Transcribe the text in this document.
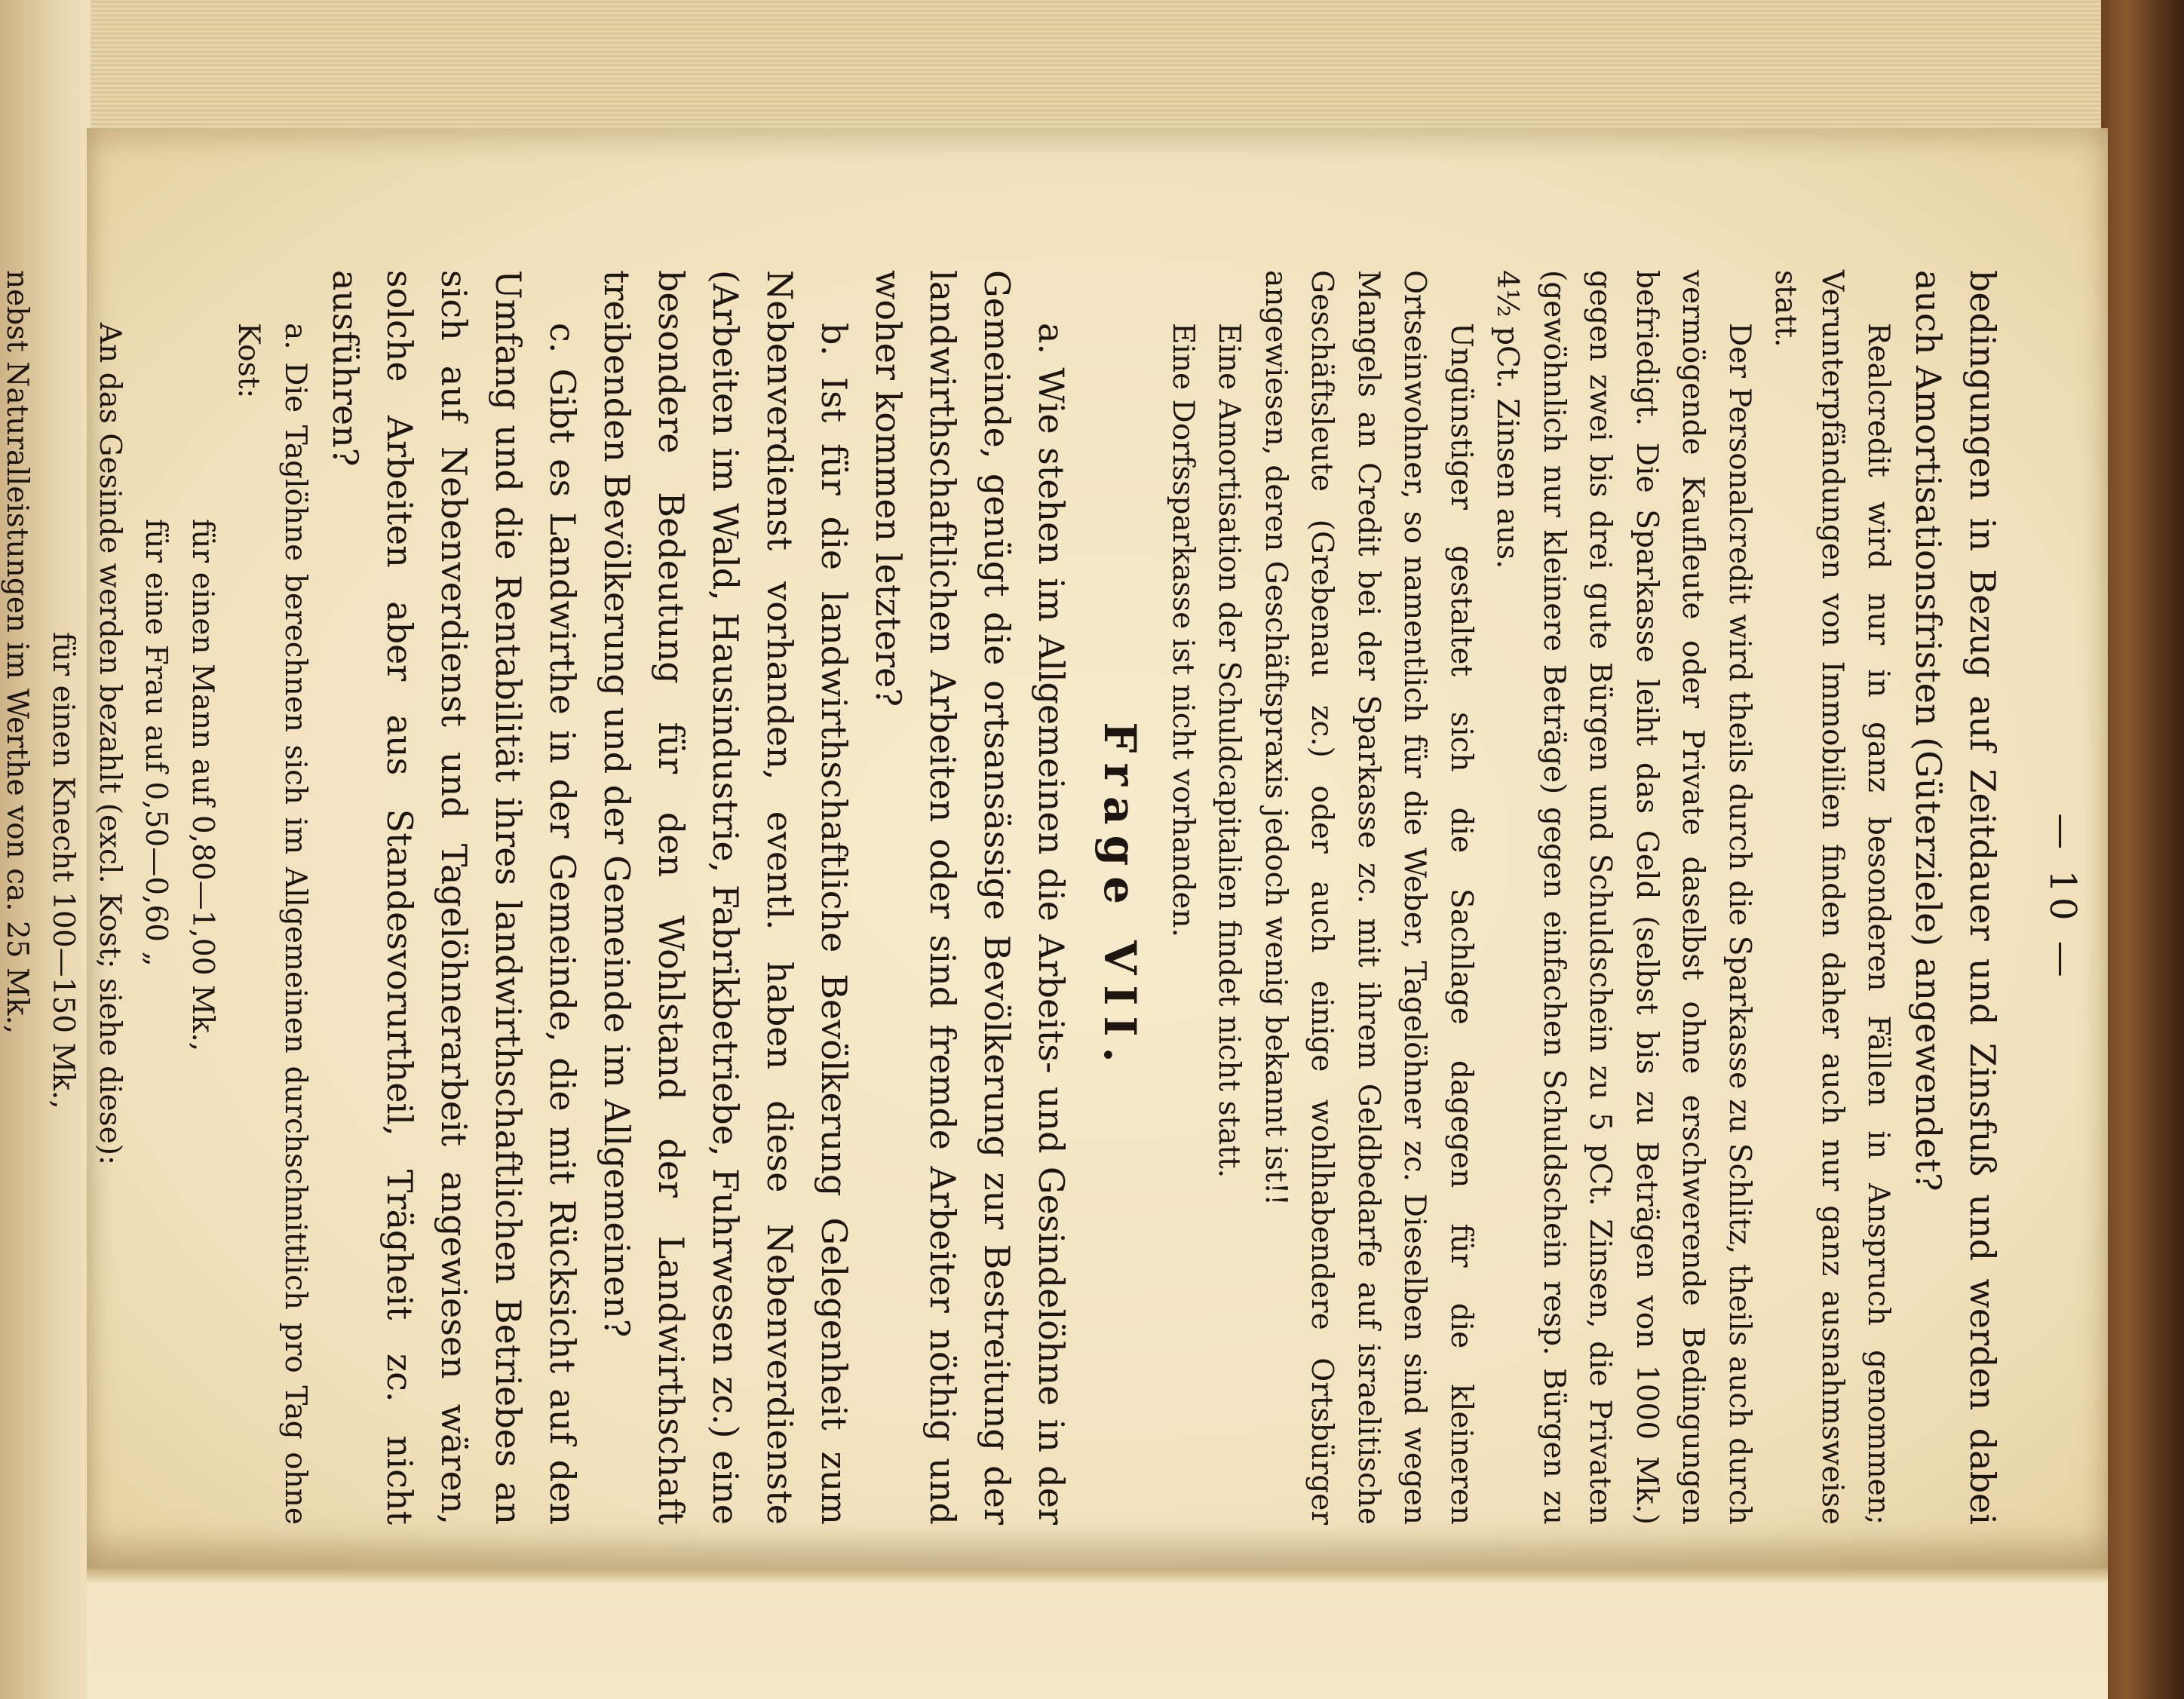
— 10 —

bedingungen in Bezug auf Zeitdauer und Zinsfuß und werden dabei auch Amortisationsfristen (Güterziele) angewendet?

Realcredit wird nur in ganz besonderen Fällen in Anspruch genommen; Verunterpfändungen von Immobilien finden daher auch nur ganz ausnahmsweise statt.

Der Personalcredit wird theils durch die Sparkasse zu Schlitz, theils auch durch vermögende Kaufleute oder Private daselbst ohne erschwerende Bedingungen befriedigt. Die Sparkasse leiht das Geld (selbst bis zu Beträgen von 1000 Mk.) gegen zwei bis drei gute Bürgen und Schuldschein zu 5 pCt. Zinsen, die Privaten (gewöhnlich nur kleinere Beträge) gegen einfachen Schuldschein resp. Bürgen zu 4½ pCt. Zinsen aus.

Ungünstiger gestaltet sich die Sachlage dagegen für die kleineren Ortseinwohner, so namentlich für die Weber, Tagelöhner zc. Dieselben sind wegen Mangels an Credit bei der Sparkasse zc. mit ihrem Geldbedarfe auf israelitische Geschäftsleute (Grebenau zc.) oder auch einige wohlhabendere Ortsbürger angewiesen, deren Geschäftspraxis jedoch wenig bekannt ist!!

Eine Amortisation der Schuldcapitalien findet nicht statt.

Eine Dorfssparkasse ist nicht vorhanden.

Frage VII.

a. Wie stehen im Allgemeinen die Arbeits- und Gesindelöhne in der Gemeinde, genügt die ortsansässige Bevölkerung zur Bestreitung der landwirthschaftlichen Arbeiten oder sind fremde Arbeiter nöthig und woher kommen letztere?

b. Ist für die landwirthschaftliche Bevölkerung Gelegenheit zum Nebenverdienst vorhanden, eventl. haben diese Nebenverdienste (Arbeiten im Wald, Hausindustrie, Fabrikbetriebe, Fuhrwesen zc.) eine besondere Bedeutung für den Wohlstand der Landwirthschaft treibenden Bevölkerung und der Gemeinde im Allgemeinen?

c. Gibt es Landwirthe in der Gemeinde, die mit Rücksicht auf den Umfang und die Rentabilität ihres landwirthschaftlichen Betriebes an sich auf Nebenverdienst und Tagelöhnerarbeit angewiesen wären, solche Arbeiten aber aus Standesvorurtheil, Trägheit zc. nicht ausführen?

a. Die Taglöhne berechnen sich im Allgemeinen durchschnittlich pro Tag ohne Kost:

für einen Mann auf 0,80—1,00 Mk.,

für eine Frau auf 0,50—0,60 „

An das Gesinde werden bezahlt (excl. Kost; siehe diese):

für einen Knecht 100—150 Mk.,

nebst Naturalleistungen im Werthe von ca. 25 Mk.,
